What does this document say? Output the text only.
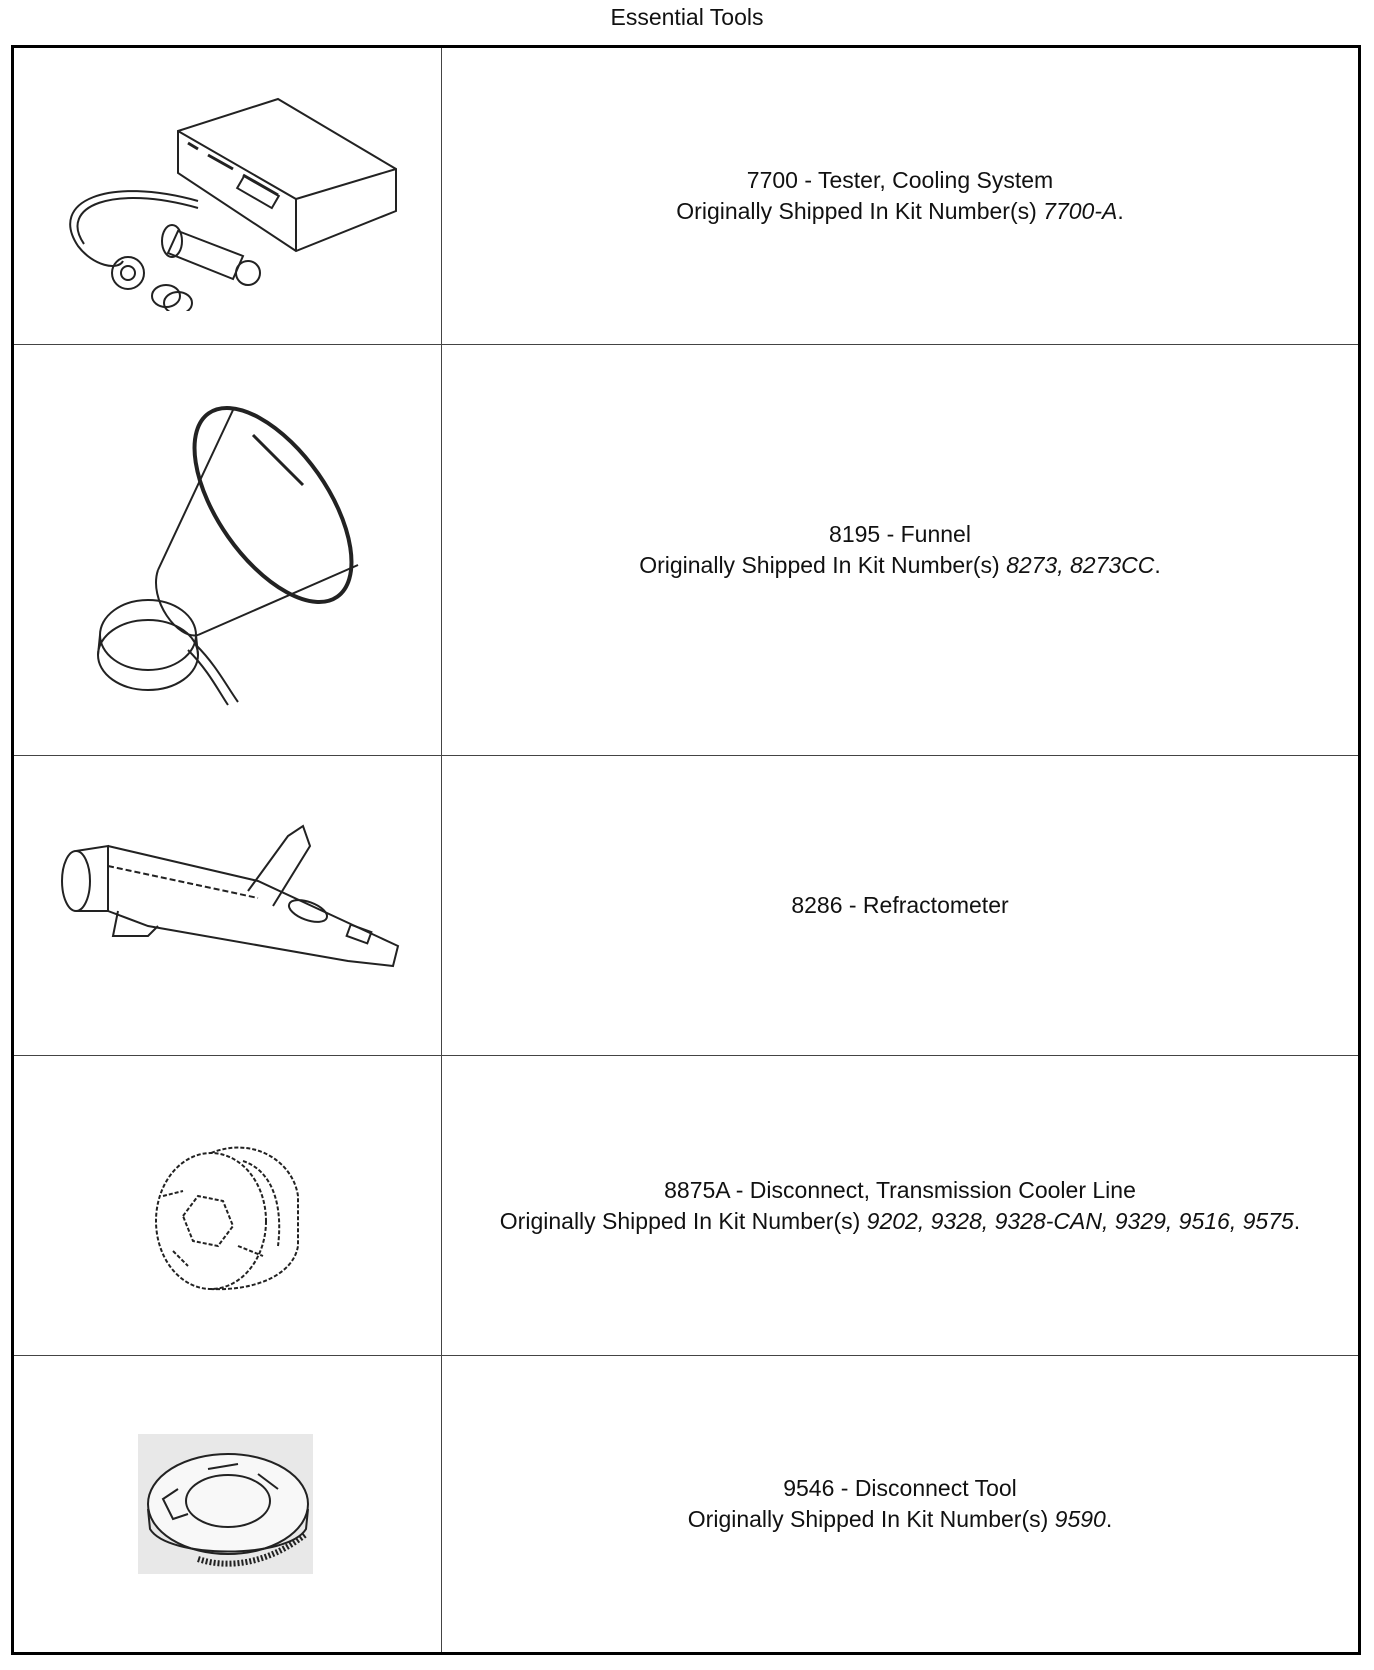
Essential Tools
7700 - Tester, Cooling System
Originally Shipped In Kit Number(s) 7700-A.
8195 - Funnel
Originally Shipped In Kit Number(s) 8273, 8273CC.
8286 - Refractometer
8875A - Disconnect, Transmission Cooler Line
Originally Shipped In Kit Number(s) 9202, 9328, 9328-CAN, 9329, 9516, 9575.
9546 - Disconnect Tool
Originally Shipped In Kit Number(s) 9590.
